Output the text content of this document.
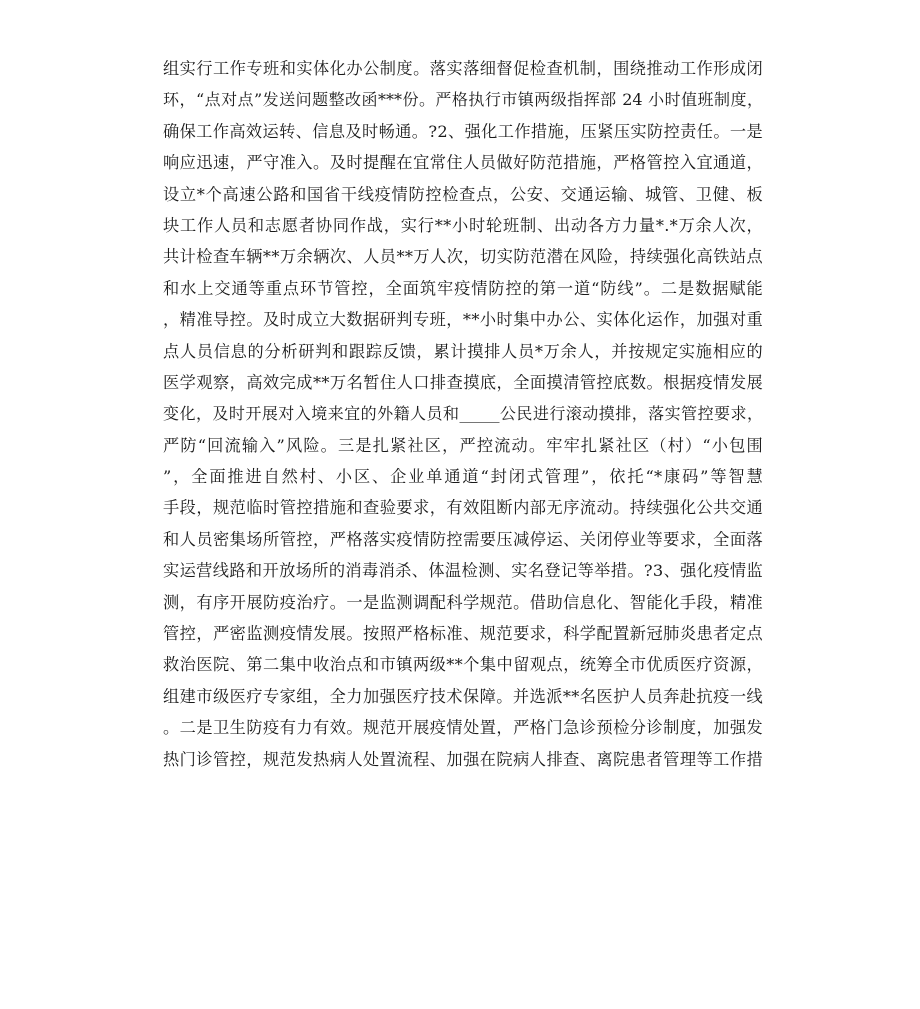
组实行工作专班和实体化办公制度。落实落细督促检查机制，围绕推动工作形成闭
环，“点对点”发送问题整改函***份。严格执行市镇两级指挥部 24 小时值班制度，
确保工作高效运转、信息及时畅通。?2、强化工作措施，压紧压实防控责任。一是
响应迅速，严守准入。及时提醒在宜常住人员做好防范措施，严格管控入宜通道，
设立*个高速公路和国省干线疫情防控检查点，公安、交通运输、城管、卫健、板
块工作人员和志愿者协同作战，实行**小时轮班制、出动各方力量*.*万余人次，
共计检查车辆**万余辆次、人员**万人次，切实防范潜在风险，持续强化高铁站点
和水上交通等重点环节管控，全面筑牢疫情防控的第一道“防线”。二是数据赋能
，精准导控。及时成立大数据研判专班，**小时集中办公、实体化运作，加强对重
点人员信息的分析研判和跟踪反馈，累计摸排人员*万余人，并按规定实施相应的
医学观察，高效完成**万名暂住人口排查摸底，全面摸清管控底数。根据疫情发展
变化，及时开展对入境来宜的外籍人员和_____公民进行滚动摸排，落实管控要求，
严防“回流输入”风险。三是扎紧社区，严控流动。牢牢扎紧社区（村）“小包围
”，全面推进自然村、小区、企业单通道“封闭式管理”，依托“*康码”等智慧
手段，规范临时管控措施和查验要求，有效阻断内部无序流动。持续强化公共交通
和人员密集场所管控，严格落实疫情防控需要压减停运、关闭停业等要求，全面落
实运营线路和开放场所的消毒消杀、体温检测、实名登记等举措。?3、强化疫情监
测，有序开展防疫治疗。一是监测调配科学规范。借助信息化、智能化手段，精准
管控，严密监测疫情发展。按照严格标准、规范要求，科学配置新冠肺炎患者定点
救治医院、第二集中收治点和市镇两级**个集中留观点，统筹全市优质医疗资源，
组建市级医疗专家组，全力加强医疗技术保障。并选派**名医护人员奔赴抗疫一线
。二是卫生防疫有力有效。规范开展疫情处置，严格门急诊预检分诊制度，加强发
热门诊管控，规范发热病人处置流程、加强在院病人排查、离院患者管理等工作措
